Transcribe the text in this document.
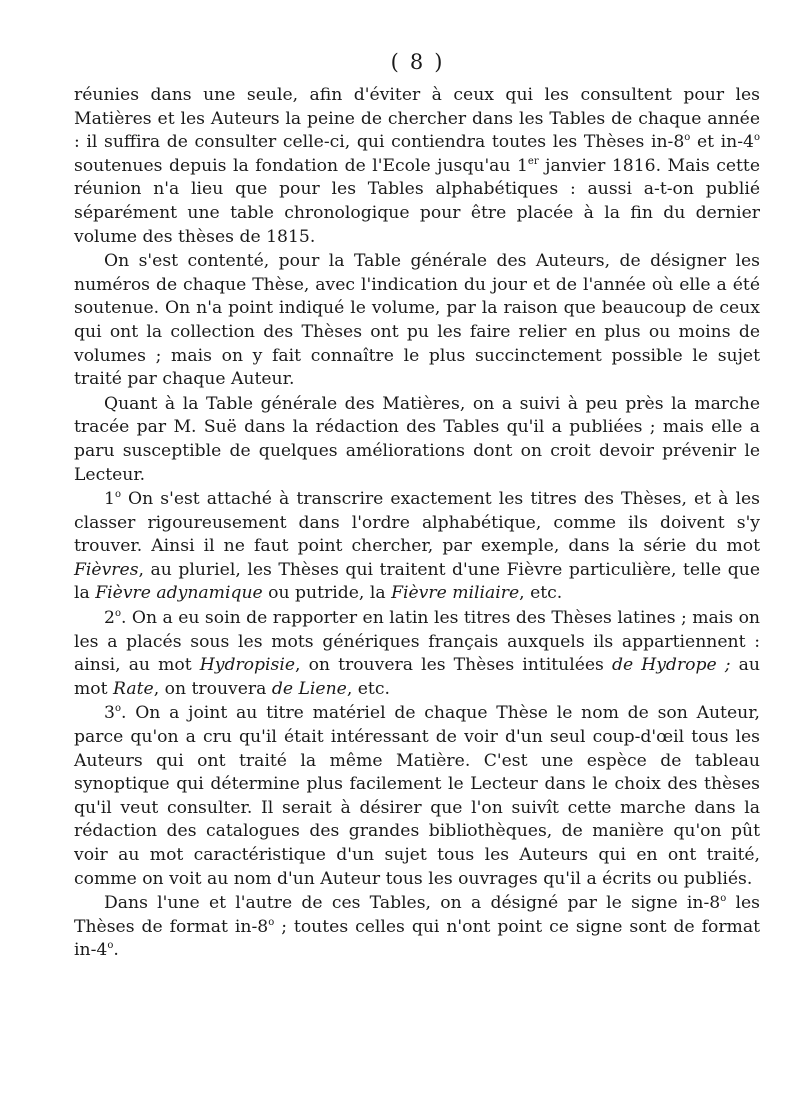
( 8 )

réunies dans une seule, afin d'éviter à ceux qui les consultent pour les Matières et les Auteurs la peine de chercher dans les Tables de chaque année : il suffira de consulter celle-ci, qui contiendra toutes les Thèses in-8$^o$ et in-4$^o$ soutenues depuis la fondation de l'Ecole jusqu'au 1er janvier 1816. Mais cette réunion n'a lieu que pour les Tables alphabétiques : aussi a-t-on publié séparément une table chronologique pour être placée à la fin du dernier volume des thèses de 1815.

On s'est contenté, pour la Table générale des Auteurs, de désigner les numéros de chaque Thèse, avec l'indication du jour et de l'année où elle a été soutenue. On n'a point indiqué le volume, par la raison que beaucoup de ceux qui ont la collection des Thèses ont pu les faire relier en plus ou moins de volumes ; mais on y fait connaître le plus succinctement possible le sujet traité par chaque Auteur.

Quant à la Table générale des Matières, on a suivi à peu près la marche tracée par M. Suë dans la rédaction des Tables qu'il a publiées ; mais elle a paru susceptible de quelques améliorations dont on croit devoir prévenir le Lecteur.

1$^o$ On s'est attaché à transcrire exactement les titres des Thèses, et à les classer rigoureusement dans l'ordre alphabétique, comme ils doivent s'y trouver. Ainsi il ne faut point chercher, par exemple, dans la série du mot Fièvres, au pluriel, les Thèses qui traitent d'une Fièvre particulière, telle que la Fièvre adynamique ou putride, la Fièvre miliaire, etc.

2$^o$. On a eu soin de rapporter en latin les titres des Thèses latines ; mais on les a placés sous les mots génériques français auxquels ils appartiennent : ainsi, au mot Hydropisie, on trouvera les Thèses intitulées de Hydrope ; au mot Rate, on trouvera de Liene, etc.

3$^o$. On a joint au titre matériel de chaque Thèse le nom de son Auteur, parce qu'on a cru qu'il était intéressant de voir d'un seul coup-d'œil tous les Auteurs qui ont traité la même Matière. C'est une espèce de tableau synoptique qui détermine plus facilement le Lecteur dans le choix des thèses qu'il veut consulter. Il serait à désirer que l'on suivît cette marche dans la rédaction des catalogues des grandes bibliothèques, de manière qu'on pût voir au mot caractéristique d'un sujet tous les Auteurs qui en ont traité, comme on voit au nom d'un Auteur tous les ouvrages qu'il a écrits ou publiés.

Dans l'une et l'autre de ces Tables, on a désigné par le signe in-8$^o$ les Thèses de format in-8$^o$ ; toutes celles qui n'ont point ce signe sont de format in-4$^o$.
